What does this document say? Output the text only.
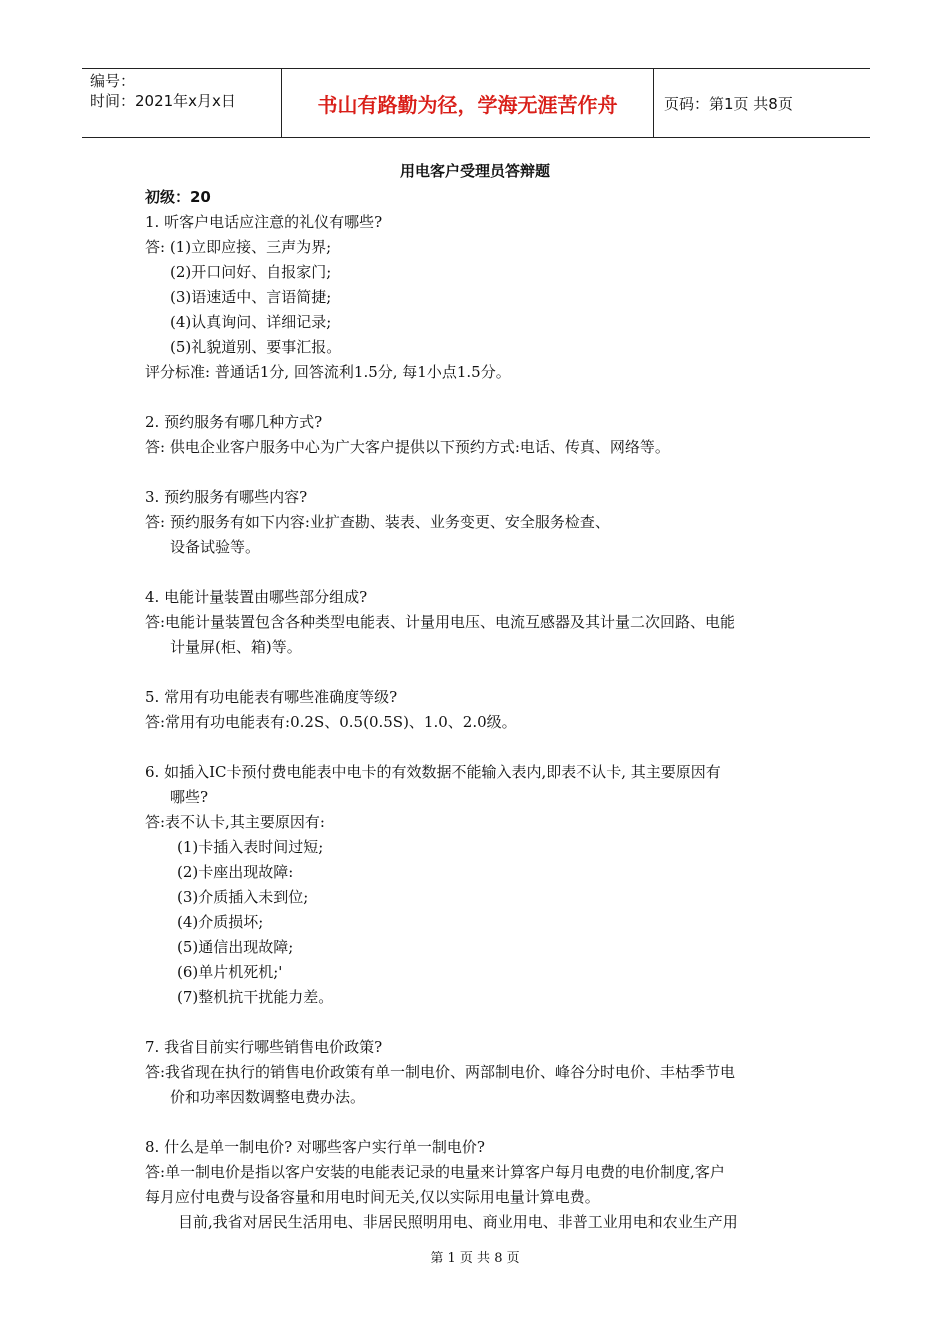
编号：
时间：2021年x月x日	书山有路勤为径，学海无涯苦作舟	页码：第1页 共8页
用电客户受理员答辩题
初级：20
1. 听客户电话应注意的礼仪有哪些?
答: (1)立即应接、三声为界;
(2)开口问好、自报家门;
(3)语速适中、言语简捷;
(4)认真询问、详细记录;
(5)礼貌道别、要事汇报。
评分标准: 普通话1分, 回答流利1.5分, 每1小点1.5分。
2. 预约服务有哪几种方式?
答: 供电企业客户服务中心为广大客户提供以下预约方式:电话、传真、网络等。
3. 预约服务有哪些内容?
答: 预约服务有如下内容:业扩查勘、装表、业务变更、安全服务检查、
设备试验等。
4. 电能计量装置由哪些部分组成?
答:电能计量装置包含各种类型电能表、计量用电压、电流互感器及其计量二次回路、电能
计量屏(柜、箱)等。
5. 常用有功电能表有哪些准确度等级?
答:常用有功电能表有:0.2S、0.5(0.5S)、1.0、2.0级。
6. 如插入IC卡预付费电能表中电卡的有效数据不能输入表内,即表不认卡, 其主要原因有
哪些?
答:表不认卡,其主要原因有:
(1)卡插入表时间过短;
(2)卡座出现故障:
(3)介质插入未到位;
(4)介质损坏;
(5)通信出现故障;
(6)单片机死机;'
(7)整机抗干扰能力差。
7. 我省目前实行哪些销售电价政策?
答:我省现在执行的销售电价政策有单一制电价、两部制电价、峰谷分时电价、丰枯季节电
价和功率因数调整电费办法。
8. 什么是单一制电价? 对哪些客户实行单一制电价?
答:单一制电价是指以客户安装的电能表记录的电量来计算客户每月电费的电价制度,客户
每月应付电费与设备容量和用电时间无关,仅以实际用电量计算电费。
目前,我省对居民生活用电、非居民照明用电、商业用电、非普工业用电和农业生产用
第 1 页 共 8 页
